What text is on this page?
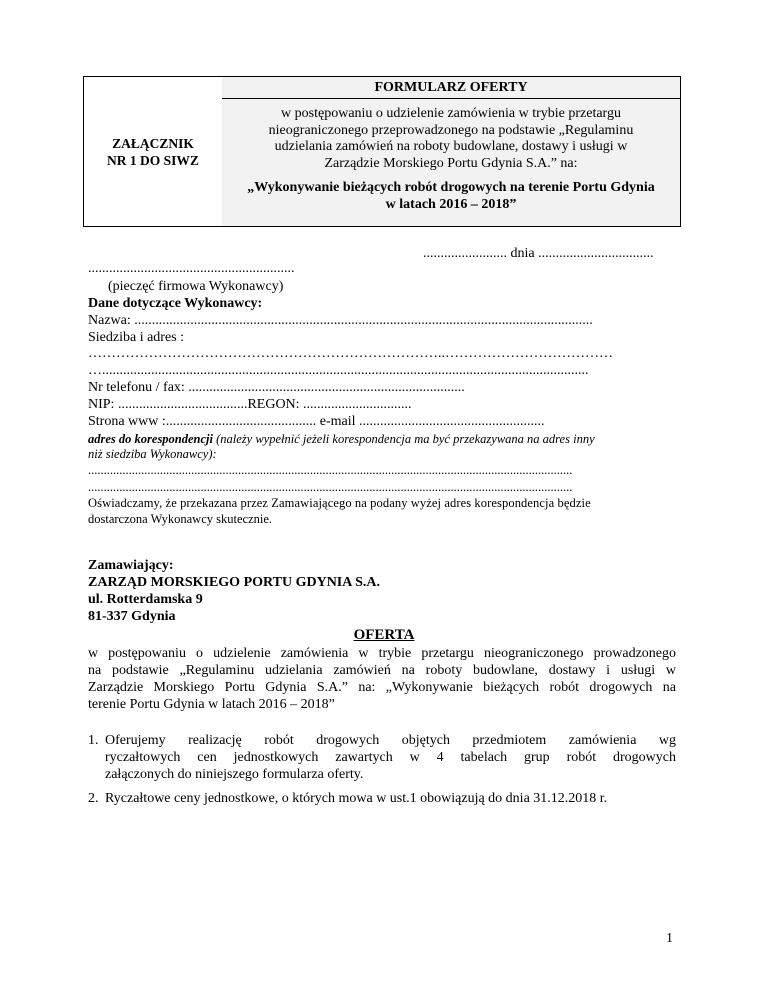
ZAŁĄCZNIK
NR 1 DO SIWZ
FORMULARZ OFERTY
w postępowaniu o udzielenie zamówienia w trybie przetargu
nieograniczonego przeprowadzonego na podstawie „Regulaminu
udzielania zamówień na roboty budowlane, dostawy i usługi w
Zarządzie Morskiego Portu Gdynia S.A.” na:
„Wykonywanie bieżących robót drogowych na terenie Portu Gdynia
w latach 2016 – 2018”
........................ dnia .................................
...........................................................
(pieczęć firmowa Wykonawcy)
Dane dotyczące Wykonawcy:
Nazwa: ...................................................................................................................................
Siedziba i adres :
…………………………………………………………………..………………………………
…...........................................................................................................................................
Nr telefonu / fax: ...............................................................................
NIP: .....................................REGON: ...............................
Strona www :........................................... e-mail .....................................................
adres do korespondencji (należy wypełnić jeżeli korespondencja ma być przekazywana na adres inny
niż siedziba Wykonawcy):
...........................................................................................................................................................
...........................................................................................................................................................
Oświadczamy, że przekazana przez Zamawiającego na podany wyżej adres korespondencja będzie
dostarczona Wykonawcy skutecznie.
Zamawiający:
ZARZĄD MORSKIEGO PORTU GDYNIA S.A.
ul. Rotterdamska 9
81-337 Gdynia
OFERTA
w postępowaniu o udzielenie zamówienia w trybie przetargu nieograniczonego prowadzonego
na podstawie „Regulaminu udzielania zamówień na roboty budowlane, dostawy i usługi w
Zarządzie Morskiego Portu Gdynia S.A.” na: „Wykonywanie bieżących robót drogowych na
terenie Portu Gdynia w latach 2016 – 2018”
1. Oferujemy realizację robót drogowych objętych przedmiotem zamówienia wg
ryczałtowych cen jednostkowych zawartych w 4 tabelach grup robót drogowych
załączonych do niniejszego formularza oferty.
2. Ryczałtowe ceny jednostkowe, o których mowa w ust.1 obowiązują do dnia 31.12.2018 r.
1
